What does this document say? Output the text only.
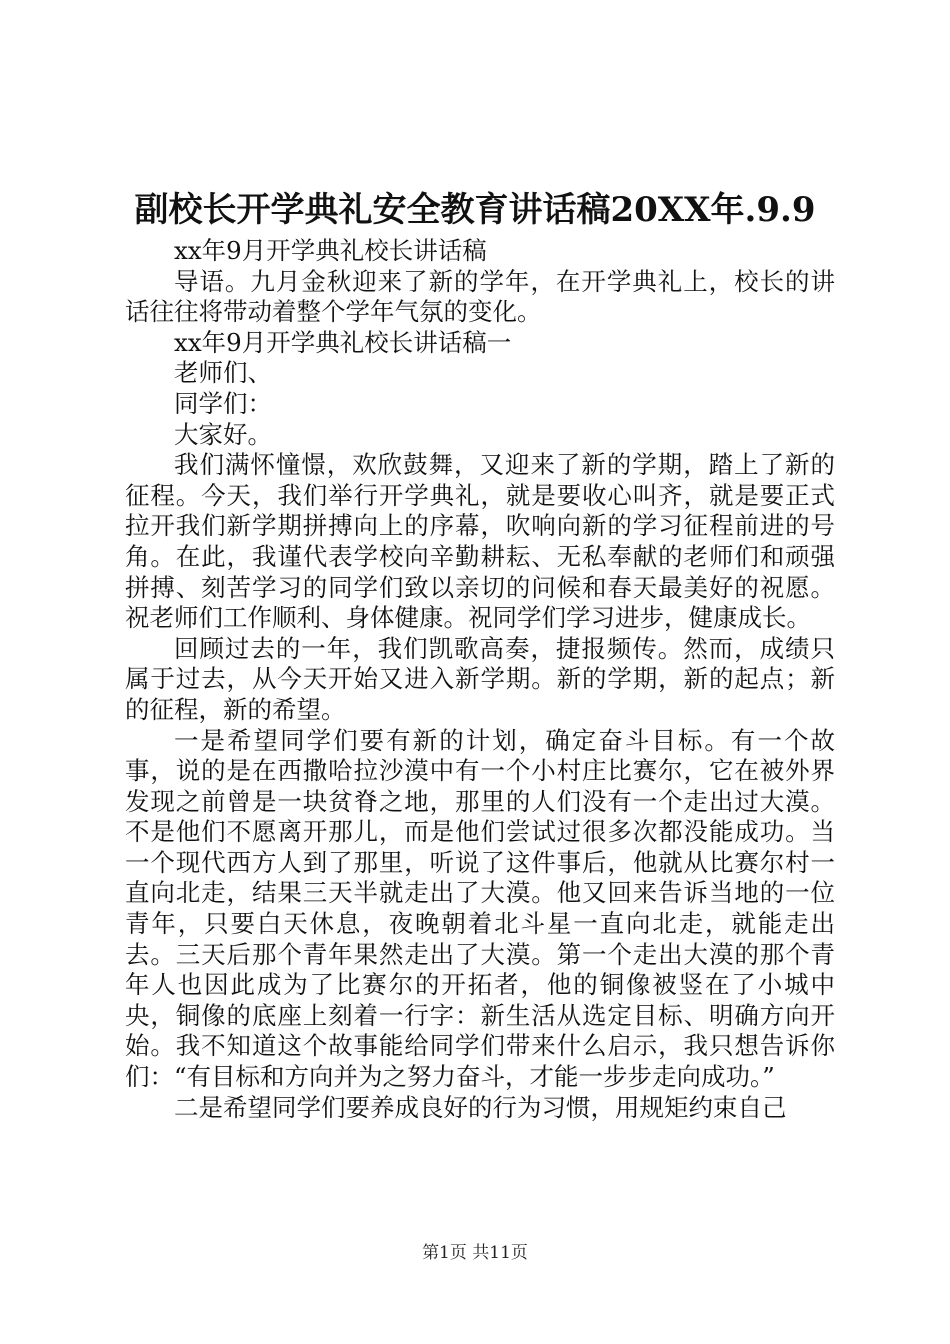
副校长开学典礼安全教育讲话稿20XX年.9.9

xx年9月开学典礼校长讲话稿

导语。九月金秋迎来了新的学年，在开学典礼上，校长的讲话往往将带动着整个学年气氛的变化。

xx年9月开学典礼校长讲话稿一

老师们、

同学们：

大家好。

我们满怀憧憬，欢欣鼓舞，又迎来了新的学期，踏上了新的征程。今天，我们举行开学典礼，就是要收心叫齐，就是要正式拉开我们新学期拼搏向上的序幕，吹响向新的学习征程前进的号角。在此，我谨代表学校向辛勤耕耘、无私奉献的老师们和顽强拼搏、刻苦学习的同学们致以亲切的问候和春天最美好的祝愿。祝老师们工作顺利、身体健康。祝同学们学习进步，健康成长。

回顾过去的一年，我们凯歌高奏，捷报频传。然而，成绩只属于过去，从今天开始又进入新学期。新的学期，新的起点；新的征程，新的希望。

一是希望同学们要有新的计划，确定奋斗目标。有一个故事，说的是在西撒哈拉沙漠中有一个小村庄比赛尔，它在被外界发现之前曾是一块贫脊之地，那里的人们没有一个走出过大漠。不是他们不愿离开那儿，而是他们尝试过很多次都没能成功。当一个现代西方人到了那里，听说了这件事后，他就从比赛尔村一直向北走，结果三天半就走出了大漠。他又回来告诉当地的一位青年，只要白天休息，夜晚朝着北斗星一直向北走，就能走出去。三天后那个青年果然走出了大漠。第一个走出大漠的那个青年人也因此成为了比赛尔的开拓者，他的铜像被竖在了小城中央，铜像的底座上刻着一行字：新生活从选定目标、明确方向开始。我不知道这个故事能给同学们带来什么启示，我只想告诉你们：“有目标和方向并为之努力奋斗，才能一步步走向成功。”

二是希望同学们要养成良好的行为习惯，用规矩约束自己

第1页 共11页
